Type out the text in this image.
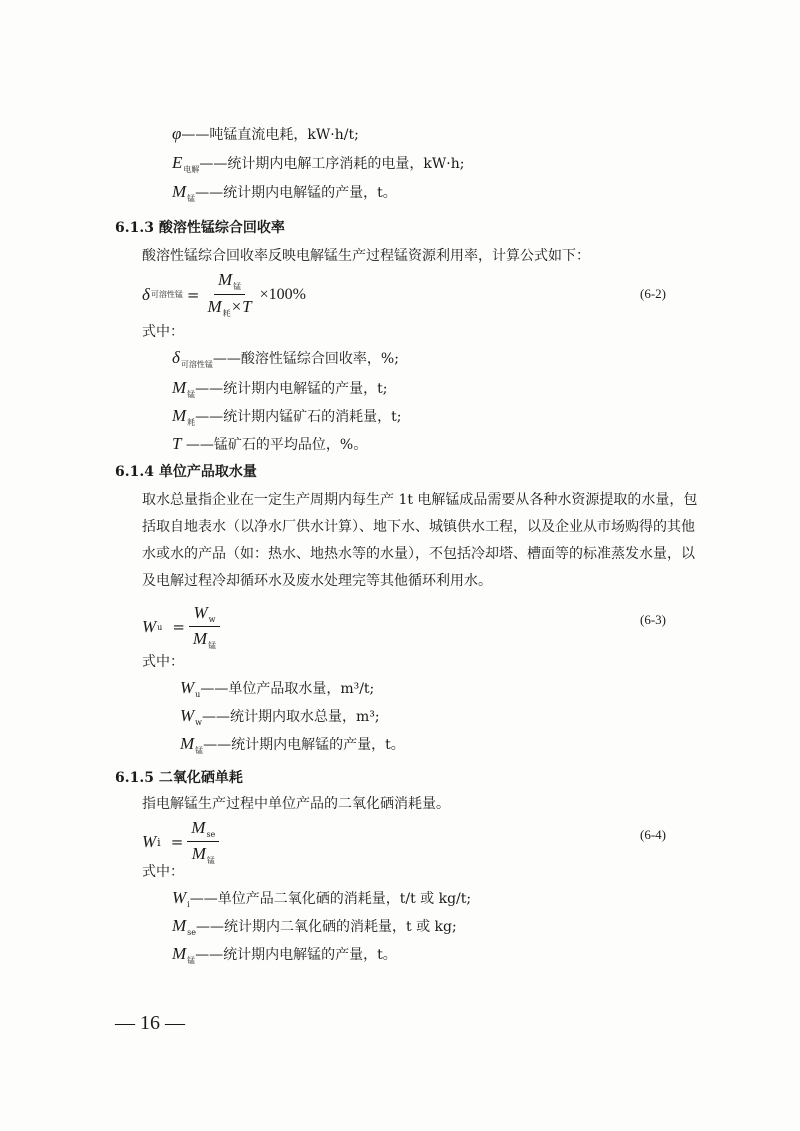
φ——吨锰直流电耗，kW·h/t;
$E_{电解}——$统计期内电解工序消耗的电量，kW·h;
$M_锰——$统计期内电解锰的产量，t。
6.1.3 酸溶性锰综合回收率
酸溶性锰综合回收率反映电解锰生产过程锰资源利用率，计算公式如下：
δ 可溶性锰 = $\frac{M_锰}{M_耗\times T} \times 100\%$	(6-2)
式中：
$\delta_{可溶性锰}——$酸溶性锰综合回收率，%;
$M_锰——$统计期内电解锰的产量，t;
$M_耗——$统计期内锰矿石的消耗量，t;
T ——锰矿石的平均品位，%。
6.1.4 单位产品取水量
取水总量指企业在一定生产周期内每生产 1t 电解锰成品需要从各种水资源提取的水量，包括取自地表水（以净水厂供水计算）、地下水、城镇供水工程，以及企业从市场购得的其他水或水的产品（如：热水、地热水等的水量），不包括冷却塔、槽面等的标准蒸发水量，以及电解过程冷却循环水及废水处理完等其他循环利用水。
W $u = \frac{W_w}{M_锰}$	(6-3)
式中：
$W_u——$单位产品取水量，m³/t;
$W_w——$统计期内取水总量，m³;
$M_锰——$统计期内电解锰的产量，t。
6.1.5 二氧化硒单耗
指电解锰生产过程中单位产品的二氧化硒消耗量。
W $i = \frac{M_{se}}{M_锰}$	(6-4)
式中：
$W_i——$单位产品二氧化硒的消耗量，t/t 或 kg/t;
$M_{se}——$统计期内二氧化硒的消耗量，t 或 kg;
$M_锰——$统计期内电解锰的产量，t。
— 16 —
